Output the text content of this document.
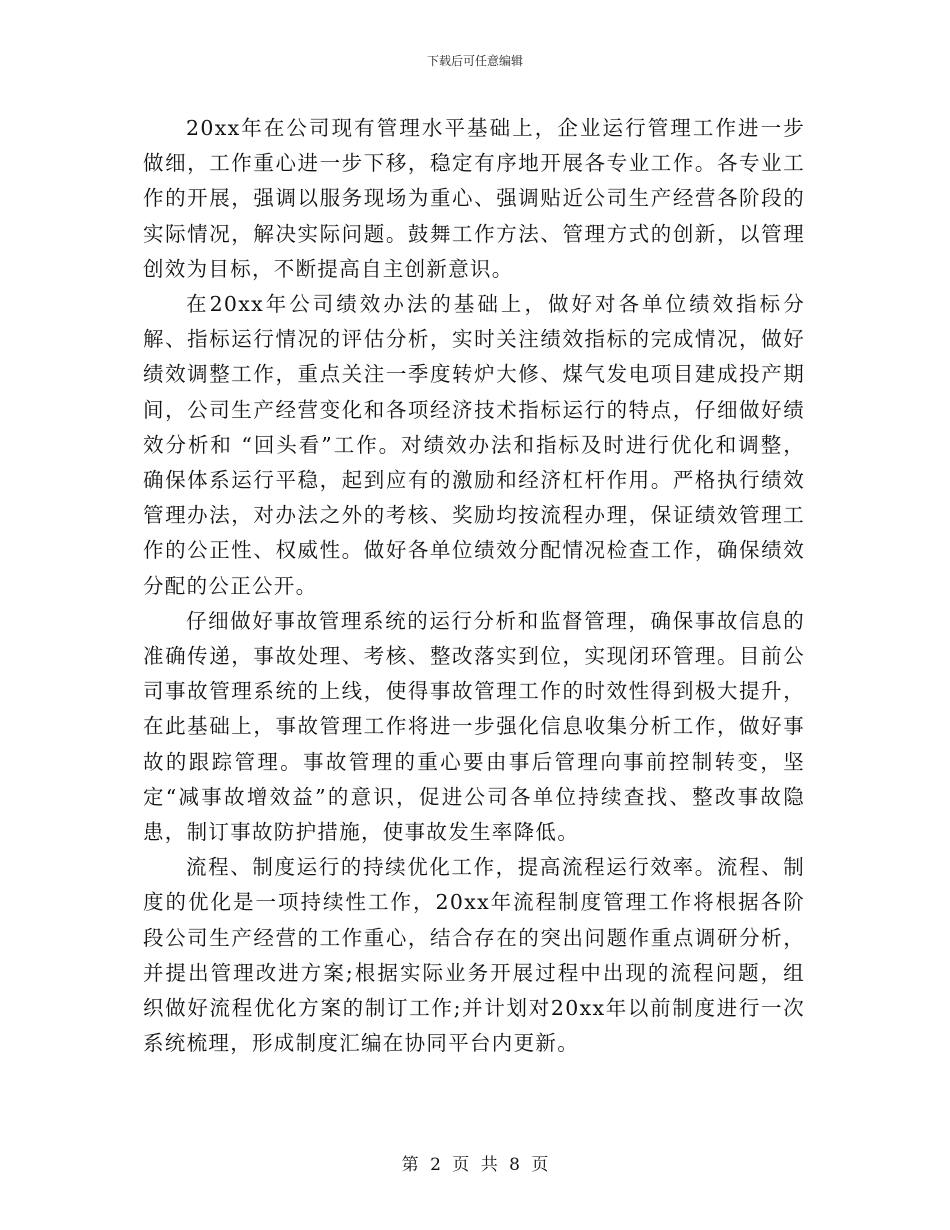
下载后可任意编辑

20xx年在公司现有管理水平基础上，企业运行管理工作进一步做细，工作重心进一步下移，稳定有序地开展各专业工作。各专业工作的开展，强调以服务现场为重心、强调贴近公司生产经营各阶段的实际情况，解决实际问题。鼓舞工作方法、管理方式的创新，以管理创效为目标，不断提高自主创新意识。

在20xx年公司绩效办法的基础上，做好对各单位绩效指标分解、指标运行情况的评估分析，实时关注绩效指标的完成情况，做好绩效调整工作，重点关注一季度转炉大修、煤气发电项目建成投产期间，公司生产经营变化和各项经济技术指标运行的特点，仔细做好绩效分析和 “回头看”工作。对绩效办法和指标及时进行优化和调整，确保体系运行平稳，起到应有的激励和经济杠杆作用。严格执行绩效管理办法，对办法之外的考核、奖励均按流程办理，保证绩效管理工作的公正性、权威性。做好各单位绩效分配情况检查工作，确保绩效分配的公正公开。

仔细做好事故管理系统的运行分析和监督管理，确保事故信息的准确传递，事故处理、考核、整改落实到位，实现闭环管理。目前公司事故管理系统的上线，使得事故管理工作的时效性得到极大提升，在此基础上，事故管理工作将进一步强化信息收集分析工作，做好事故的跟踪管理。事故管理的重心要由事后管理向事前控制转变，坚定“减事故增效益”的意识，促进公司各单位持续查找、整改事故隐患，制订事故防护措施，使事故发生率降低。

流程、制度运行的持续优化工作，提高流程运行效率。流程、制度的优化是一项持续性工作，20xx年流程制度管理工作将根据各阶段公司生产经营的工作重心，结合存在的突出问题作重点调研分析，并提出管理改进方案;根据实际业务开展过程中出现的流程问题，组织做好流程优化方案的制订工作;并计划对20xx年以前制度进行一次系统梳理，形成制度汇编在协同平台内更新。

第 2 页 共 8 页
